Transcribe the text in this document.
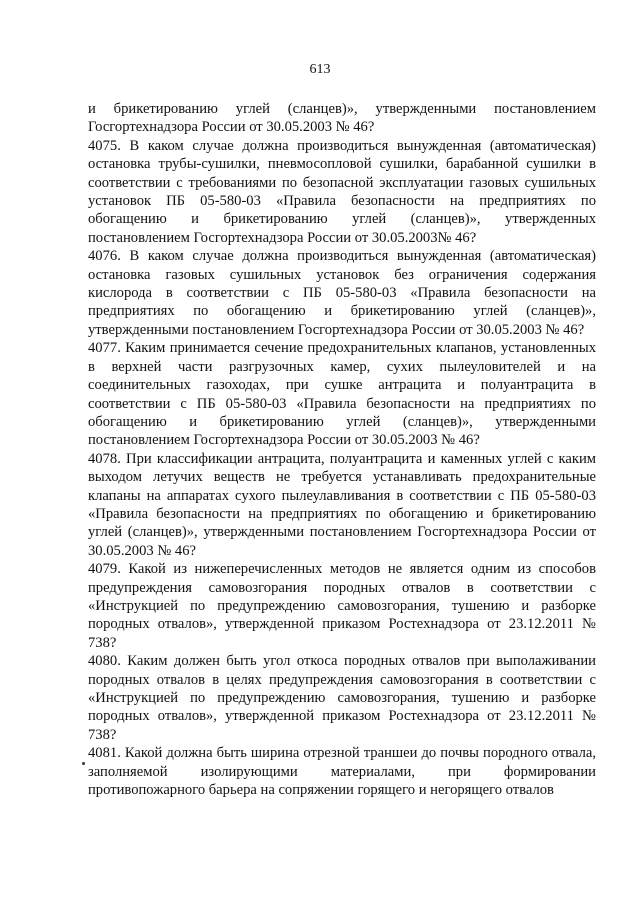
613

и брикетированию углей (сланцев)», утвержденными постановлением Госгортехнадзора России от 30.05.2003 № 46?

4075. В каком случае должна производиться вынужденная (автоматическая) остановка трубы-сушилки, пневмосопловой сушилки, барабанной сушилки в соответствии с требованиями по безопасной эксплуатации газовых сушильных установок ПБ 05-580-03 «Правила безопасности на предприятиях по обогащению и брикетированию углей (сланцев)», утвержденных постановлением Госгортехнадзора России от 30.05.2003№ 46?

4076. В каком случае должна производиться вынужденная (автоматическая) остановка газовых сушильных установок без ограничения содержания кислорода в соответствии с ПБ 05-580-03 «Правила безопасности на предприятиях по обогащению и брикетированию углей (сланцев)», утвержденными постановлением Госгортехнадзора России от 30.05.2003 № 46?

4077. Каким принимается сечение предохранительных клапанов, установленных в верхней части разгрузочных камер, сухих пылеуловителей и на соединительных газоходах, при сушке антрацита и полуантрацита в соответствии с ПБ 05-580-03 «Правила безопасности на предприятиях по обогащению и брикетированию углей (сланцев)», утвержденными постановлением Госгортехнадзора России от 30.05.2003 № 46?

4078. При классификации антрацита, полуантрацита и каменных углей с каким выходом летучих веществ не требуется устанавливать предохранительные клапаны на аппаратах сухого пылеулавливания в соответствии с ПБ 05-580-03 «Правила безопасности на предприятиях по обогащению и брикетированию углей (сланцев)», утвержденными постановлением Госгортехнадзора России от 30.05.2003 № 46?

4079. Какой из нижеперечисленных методов не является одним из способов предупреждения самовозгорания породных отвалов в соответствии с «Инструкцией по предупреждению самовозгорания, тушению и разборке породных отвалов», утвержденной приказом Ростехнадзора от 23.12.2011 № 738?

4080. Каким должен быть угол откоса породных отвалов при выполаживании породных отвалов в целях предупреждения самовозгорания в соответствии с «Инструкцией по предупреждению самовозгорания, тушению и разборке породных отвалов», утвержденной приказом Ростехнадзора от 23.12.2011 № 738?

4081. Какой должна быть ширина отрезной траншеи до почвы породного отвала, заполняемой изолирующими материалами, при формировании противопожарного барьера на сопряжении горящего и негорящего отвалов
